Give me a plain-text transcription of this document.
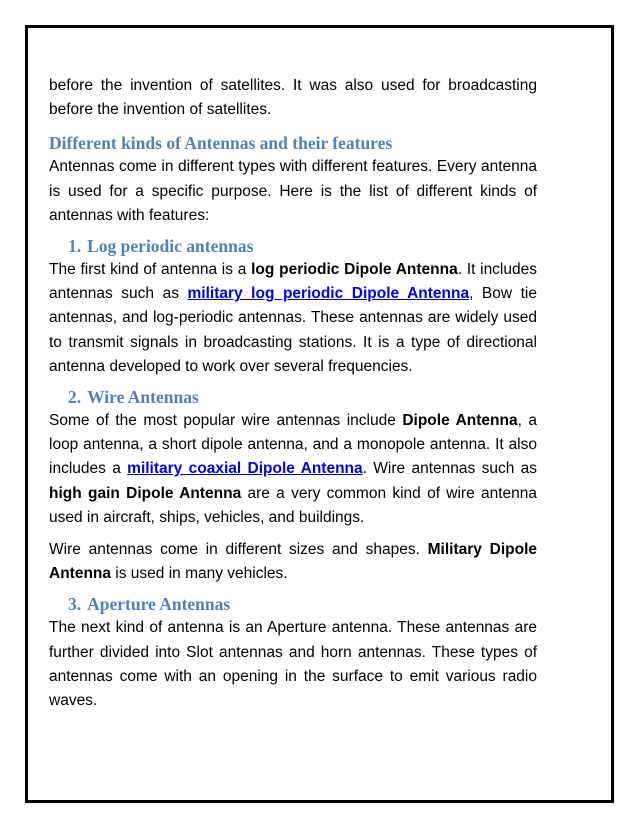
before the invention of satellites. It was also used for broadcasting before the invention of satellites.

Different kinds of Antennas and their features

Antennas come in different types with different features. Every antenna is used for a specific purpose. Here is the list of different kinds of antennas with features:

1. Log periodic antennas

The first kind of antenna is a log periodic Dipole Antenna. It includes antennas such as military log periodic Dipole Antenna, Bow tie antennas, and log-periodic antennas. These antennas are widely used to transmit signals in broadcasting stations. It is a type of directional antenna developed to work over several frequencies.

2. Wire Antennas

Some of the most popular wire antennas include Dipole Antenna, a loop antenna, a short dipole antenna, and a monopole antenna. It also includes a military coaxial Dipole Antenna. Wire antennas such as high gain Dipole Antenna are a very common kind of wire antenna used in aircraft, ships, vehicles, and buildings.

Wire antennas come in different sizes and shapes. Military Dipole Antenna is used in many vehicles.

3. Aperture Antennas

The next kind of antenna is an Aperture antenna. These antennas are further divided into Slot antennas and horn antennas. These types of antennas come with an opening in the surface to emit various radio waves.
